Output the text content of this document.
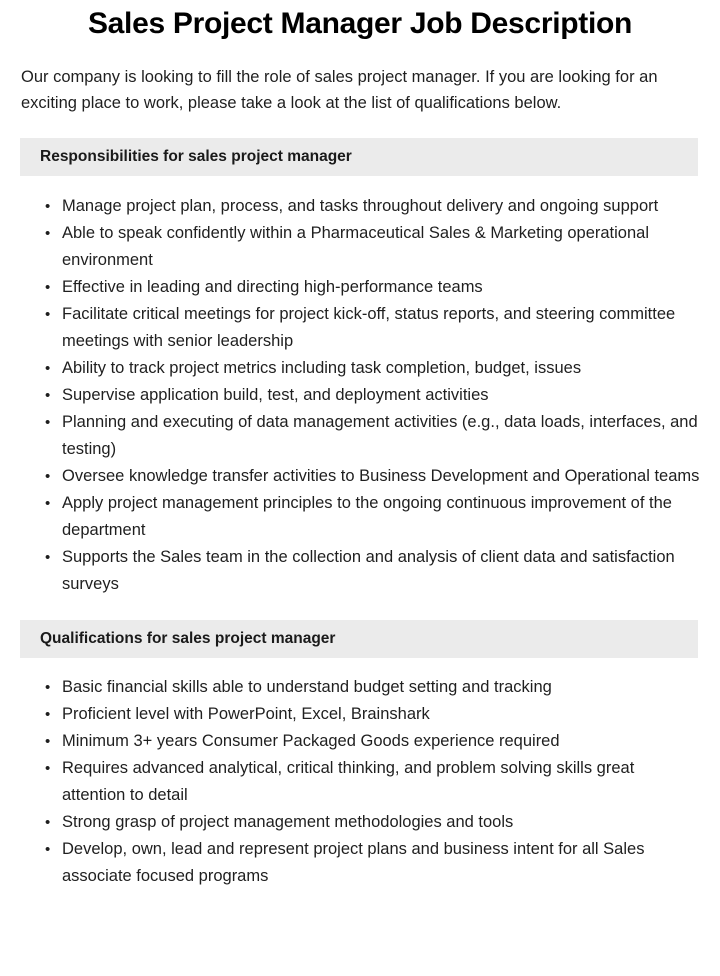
Sales Project Manager Job Description

Our company is looking to fill the role of sales project manager. If you are looking for an exciting place to work, please take a look at the list of qualifications below.

Responsibilities for sales project manager
• Manage project plan, process, and tasks throughout delivery and ongoing support
• Able to speak confidently within a Pharmaceutical Sales & Marketing operational environment
• Effective in leading and directing high-performance teams
• Facilitate critical meetings for project kick-off, status reports, and steering committee meetings with senior leadership
• Ability to track project metrics including task completion, budget, issues
• Supervise application build, test, and deployment activities
• Planning and executing of data management activities (e.g., data loads, interfaces, and testing)
• Oversee knowledge transfer activities to Business Development and Operational teams
• Apply project management principles to the ongoing continuous improvement of the department
• Supports the Sales team in the collection and analysis of client data and satisfaction surveys
Qualifications for sales project manager
• Basic financial skills able to understand budget setting and tracking
• Proficient level with PowerPoint, Excel, Brainshark
• Minimum 3+ years Consumer Packaged Goods experience required
• Requires advanced analytical, critical thinking, and problem solving skills great attention to detail
• Strong grasp of project management methodologies and tools
• Develop, own, lead and represent project plans and business intent for all Sales associate focused programs
